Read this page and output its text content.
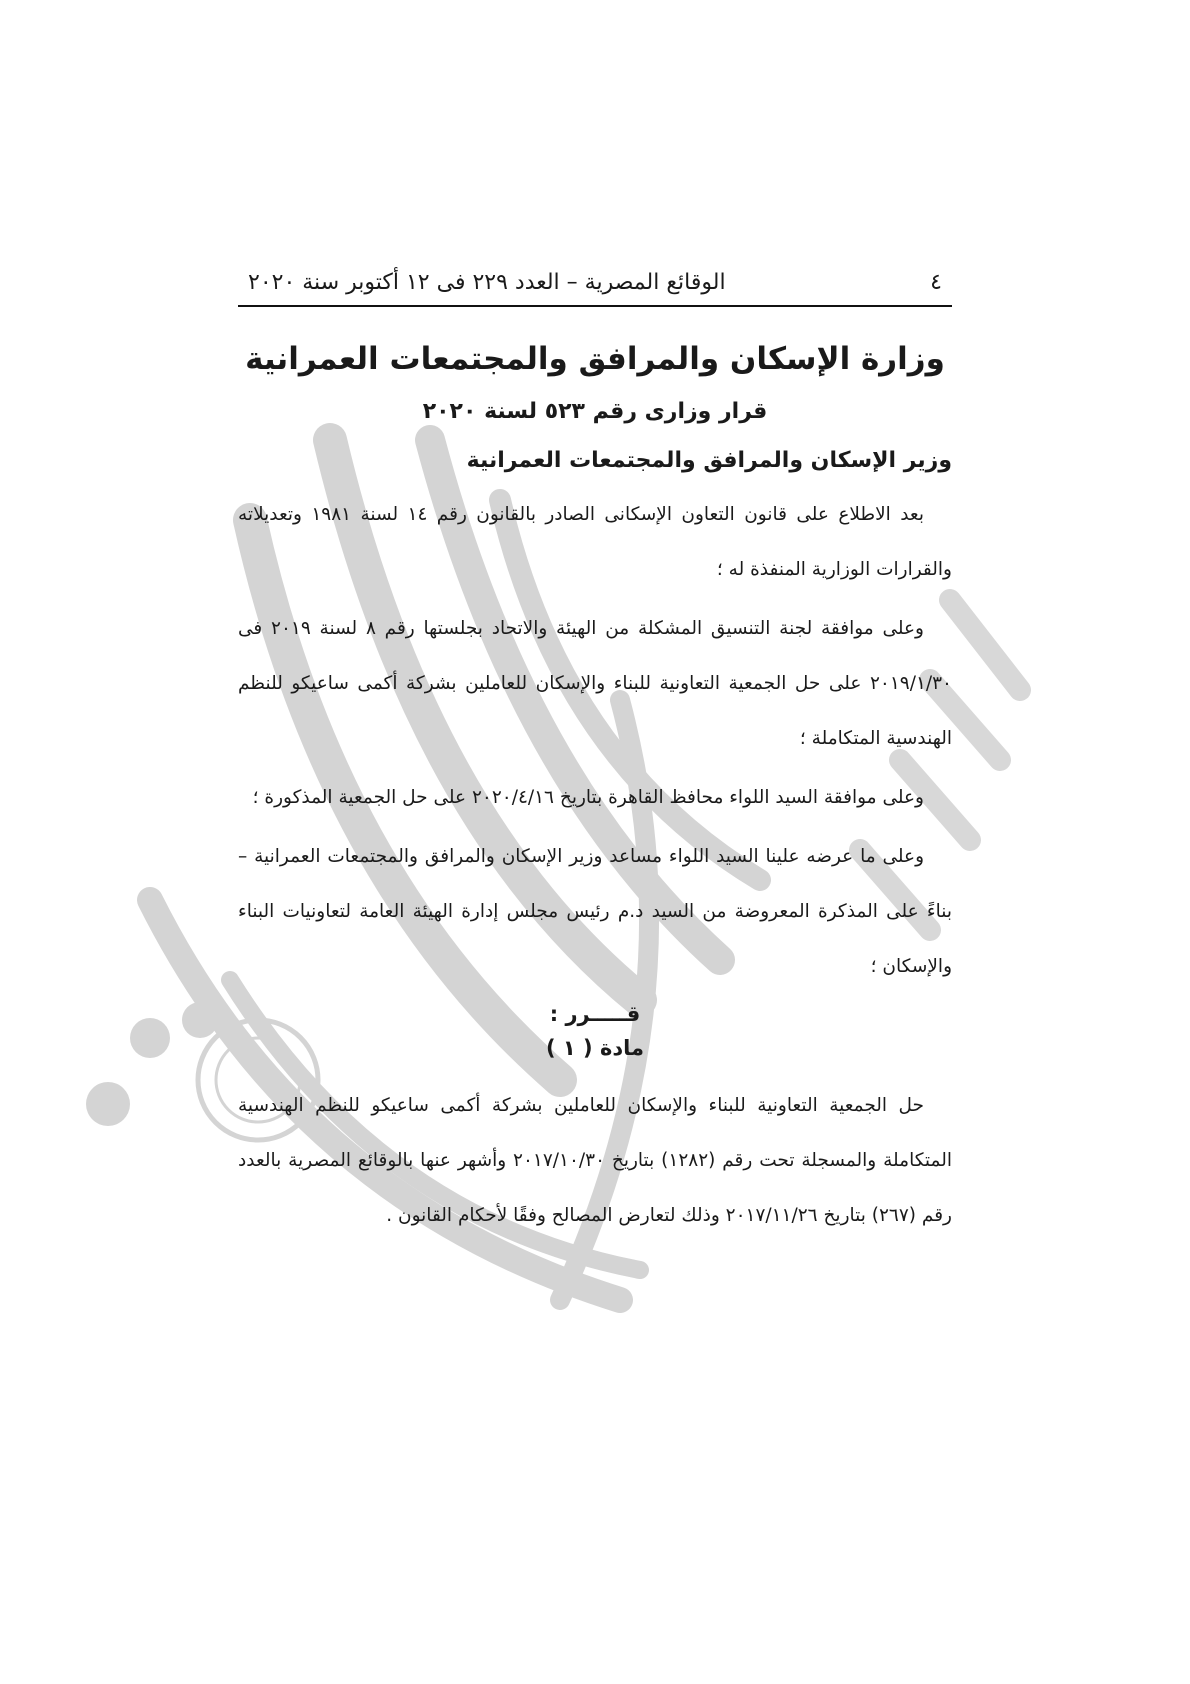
٤
الوقائع المصرية – العدد ٢٢٩ فى ١٢ أكتوبر سنة ٢٠٢٠
وزارة الإسكان والمرافق والمجتمعات العمرانية
قرار وزارى رقم ٥٢٣ لسنة ٢٠٢٠
وزير الإسكان والمرافق والمجتمعات العمرانية

بعد الاطلاع على قانون التعاون الإسكانى الصادر بالقانون رقم ١٤ لسنة ١٩٨١ وتعديلاته والقرارات الوزارية المنفذة له ؛

وعلى موافقة لجنة التنسيق المشكلة من الهيئة والاتحاد بجلستها رقم ٨ لسنة ٢٠١٩ فى ٢٠١٩/١/٣٠ على حل الجمعية التعاونية للبناء والإسكان للعاملين بشركة أكمى ساعيكو للنظم الهندسية المتكاملة ؛

وعلى موافقة السيد اللواء محافظ القاهرة بتاريخ ٢٠٢٠/٤/١٦ على حل الجمعية المذكورة ؛

وعلى ما عرضه علينا السيد اللواء مساعد وزير الإسكان والمرافق والمجتمعات العمرانية – بناءً على المذكرة المعروضة من السيد د.م رئيس مجلس إدارة الهيئة العامة لتعاونيات البناء والإسكان ؛

قـــــرر :
مادة ( ١ )

حل الجمعية التعاونية للبناء والإسكان للعاملين بشركة أكمى ساعيكو للنظم الهندسية المتكاملة والمسجلة تحت رقم (١٢٨٢) بتاريخ ٢٠١٧/١٠/٣٠ وأشهر عنها بالوقائع المصرية بالعدد رقم (٢٦٧) بتاريخ ٢٠١٧/١١/٢٦ وذلك لتعارض المصالح وفقًا لأحكام القانون .
